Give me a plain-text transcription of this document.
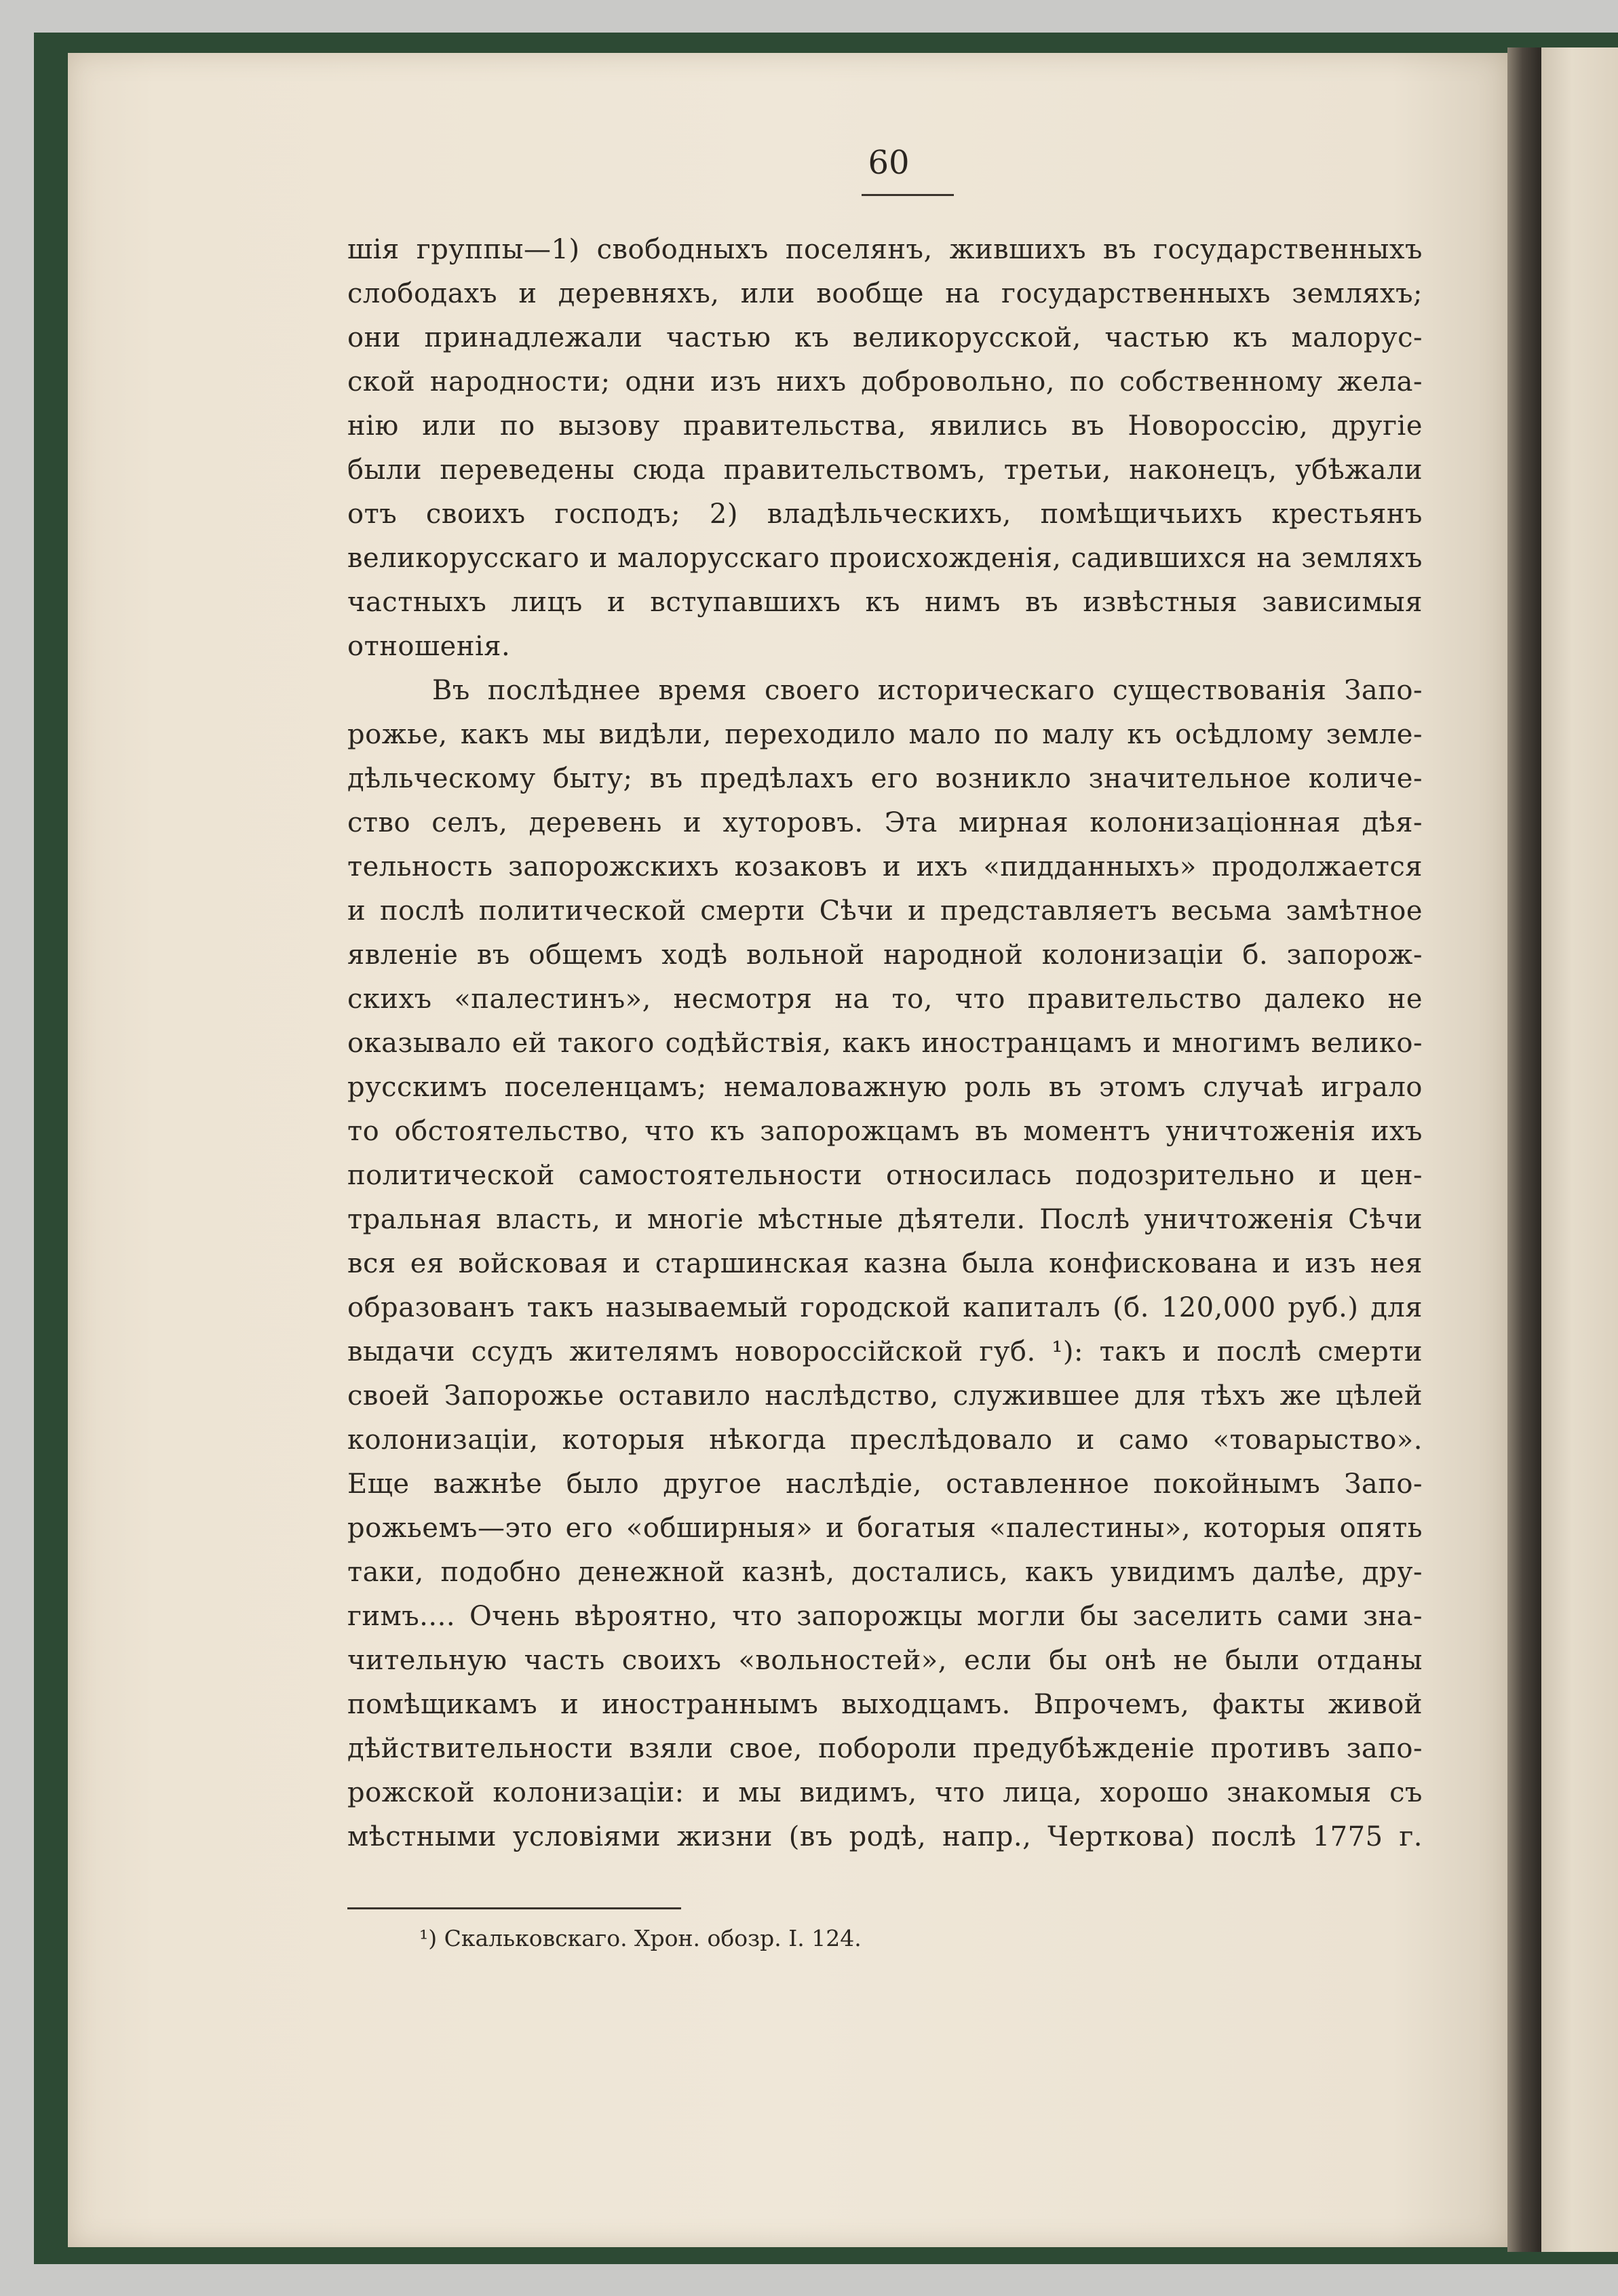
60
шія группы—1) свободныхъ поселянъ, жившихъ въ государственныхъ
слободахъ и деревняхъ, или вообще на государственныхъ земляхъ;
они принадлежали частью къ великорусской, частью къ малорус-
ской народности; одни изъ нихъ добровольно, по собственному жела-
нію или по вызову правительства, явились въ Новороссію, другіе
были переведены сюда правительствомъ, третьи, наконецъ, убѣжали
отъ своихъ господъ; 2) владѣльческихъ, помѣщичьихъ крестьянъ
великорусскаго и малорусскаго происхожденія, садившихся на земляхъ
частныхъ лицъ и вступавшихъ къ нимъ въ извѣстныя зависимыя
отношенія.
Въ послѣднее время своего историческаго существованія Запо-
рожье, какъ мы видѣли, переходило мало по малу къ осѣдлому земле-
дѣльческому быту; въ предѣлахъ его возникло значительное количе-
ство селъ, деревень и хуторовъ. Эта мирная колонизаціонная дѣя-
тельность запорожскихъ козаковъ и ихъ «пидданныхъ» продолжается
и послѣ политической смерти Сѣчи и представляетъ весьма замѣтное
явленіе въ общемъ ходѣ вольной народной колонизаціи б. запорож-
скихъ «палестинъ», несмотря на то, что правительство далеко не
оказывало ей такого содѣйствія, какъ иностранцамъ и многимъ велико-
русскимъ поселенцамъ; немаловажную роль въ этомъ случаѣ играло
то обстоятельство, что къ запорожцамъ въ моментъ уничтоженія ихъ
политической самостоятельности относилась подозрительно и цен-
тральная власть, и многіе мѣстные дѣятели. Послѣ уничтоженія Сѣчи
вся ея войсковая и старшинская казна была конфискована и изъ нея
образованъ такъ называемый городской капиталъ (б. 120,000 руб.) для
выдачи ссудъ жителямъ новороссійской губ. ¹): такъ и послѣ смерти
своей Запорожье оставило наслѣдство, служившее для тѣхъ же цѣлей
колонизаціи, которыя нѣкогда преслѣдовало и само «товарыство».
Еще важнѣе было другое наслѣдіе, оставленное покойнымъ Запо-
рожьемъ—это его «обширныя» и богатыя «палестины», которыя опять
таки, подобно денежной казнѣ, достались, какъ увидимъ далѣе, дру-
гимъ.... Очень вѣроятно, что запорожцы могли бы заселить сами зна-
чительную часть своихъ «вольностей», если бы онѣ не были отданы
помѣщикамъ и иностраннымъ выходцамъ. Впрочемъ, факты живой
дѣйствительности взяли свое, побороли предубѣжденіе противъ запо-
рожской колонизаціи: и мы видимъ, что лица, хорошо знакомыя съ
мѣстными условіями жизни (въ родѣ, напр., Черткова) послѣ 1775 г.
¹) Скальковскаго. Хрон. обозр. I. 124.
